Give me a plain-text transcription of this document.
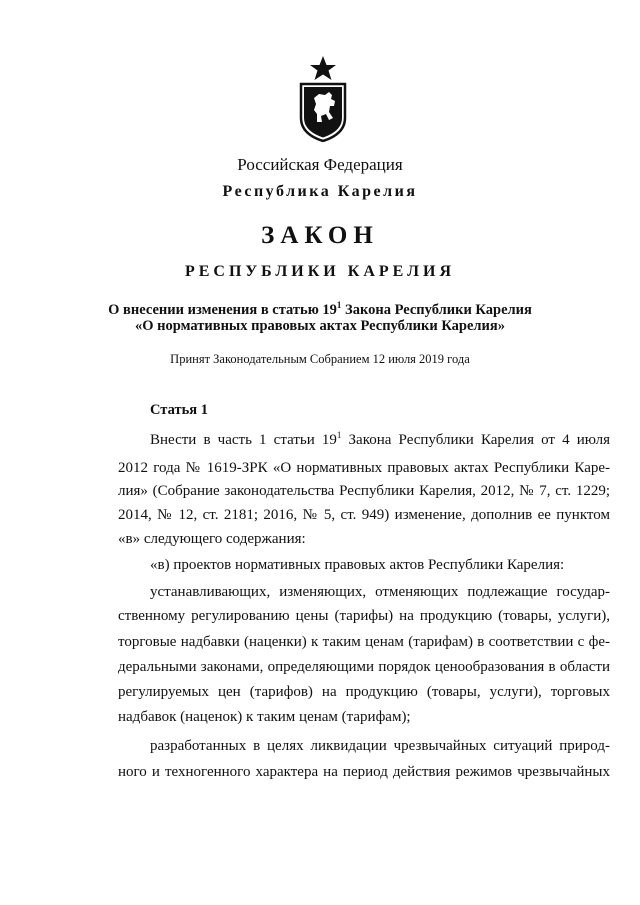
Российская Федерация
Республика Карелия
ЗАКОН
РЕСПУБЛИКИ КАРЕЛИЯ
О внесении изменения в статью $19^1$ Закона Республики Карелия
«О нормативных правовых актах Республики Карелия»
Принят Законодательным Собранием 12 июля 2019 года
Статья 1
Внести в часть 1 статьи $19^1$ Закона Республики Карелия от 4 июля
2012 года № 1619-ЗРК «О нормативных правовых актах Республики Каре-
лия» (Собрание законодательства Республики Карелия, 2012, № 7, ст. 1229;
2014, № 12, ст. 2181; 2016, № 5, ст. 949) изменение, дополнив ее пунктом
«в» следующего содержания:
«в) проектов нормативных правовых актов Республики Карелия:
устанавливающих, изменяющих, отменяющих подлежащие государ-
ственному регулированию цены (тарифы) на продукцию (товары, услуги),
торговые надбавки (наценки) к таким ценам (тарифам) в соответствии с фе-
деральными законами, определяющими порядок ценообразования в области
регулируемых цен (тарифов) на продукцию (товары, услуги), торговых
надбавок (наценок) к таким ценам (тарифам);
разработанных в целях ликвидации чрезвычайных ситуаций природ-
ного и техногенного характера на период действия режимов чрезвычайных
